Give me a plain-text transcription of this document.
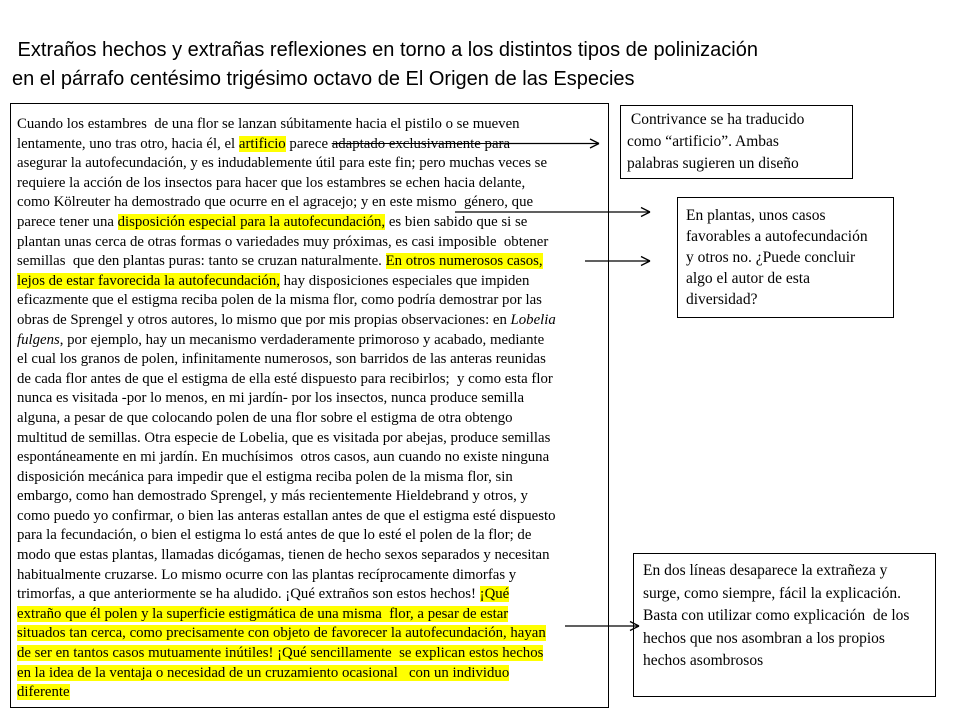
Extraños hechos y extrañas reflexiones en torno a los distintos tipos de polinización
en el párrafo centésimo trigésimo octavo de El Origen de las Especies
Cuando los estambres  de una flor se lanzan súbitamente hacia el pistilo o se mueven
lentamente, uno tras otro, hacia él, el artificio parece adaptado exclusivamente para
asegurar la autofecundación, y es indudablemente útil para este fin; pero muchas veces se
requiere la acción de los insectos para hacer que los estambres se echen hacia delante,
como Kölreuter ha demostrado que ocurre en el agracejo; y en este mismo  género, que
parece tener una disposición especial para la autofecundación, es bien sabido que si se
plantan unas cerca de otras formas o variedades muy próximas, es casi imposible  obtener
semillas  que den plantas puras: tanto se cruzan naturalmente. En otros numerosos casos,
lejos de estar favorecida la autofecundación, hay disposiciones especiales que impiden
eficazmente que el estigma reciba polen de la misma flor, como podría demostrar por las
obras de Sprengel y otros autores, lo mismo que por mis propias observaciones: en Lobelia
fulgens, por ejemplo, hay un mecanismo verdaderamente primoroso y acabado, mediante
el cual los granos de polen, infinitamente numerosos, son barridos de las anteras reunidas
de cada flor antes de que el estigma de ella esté dispuesto para recibirlos;  y como esta flor
nunca es visitada -por lo menos, en mi jardín- por los insectos, nunca produce semilla
alguna, a pesar de que colocando polen de una flor sobre el estigma de otra obtengo
multitud de semillas. Otra especie de Lobelia, que es visitada por abejas, produce semillas
espontáneamente en mi jardín. En muchísimos  otros casos, aun cuando no existe ninguna
disposición mecánica para impedir que el estigma reciba polen de la misma flor, sin
embargo, como han demostrado Sprengel, y más recientemente Hieldebrand y otros, y
como puedo yo confirmar, o bien las anteras estallan antes de que el estigma esté dispuesto
para la fecundación, o bien el estigma lo está antes de que lo esté el polen de la flor; de
modo que estas plantas, llamadas dicógamas, tienen de hecho sexos separados y necesitan
habitualmente cruzarse. Lo mismo ocurre con las plantas recíprocamente dimorfas y
trimorfas, a que anteriormente se ha aludido. ¡Qué extraños son estos hechos! ¡Qué
extraño que él polen y la superficie estigmática de una misma  flor, a pesar de estar
situados tan cerca, como precisamente con objeto de favorecer la autofecundación, hayan
de ser en tantos casos mutuamente inútiles! ¡Qué sencillamente  se explican estos hechos
en la idea de la ventaja o necesidad de un cruzamiento ocasional   con un individuo
diferente
Contrivance se ha traducido
como “artificio”. Ambas
palabras sugieren un diseño
En plantas, unos casos
favorables a autofecundación
y otros no. ¿Puede concluir
algo el autor de esta
diversidad?
En dos líneas desaparece la extrañeza y
surge, como siempre, fácil la explicación.
Basta con utilizar como explicación  de los
hechos que nos asombran a los propios
hechos asombrosos
